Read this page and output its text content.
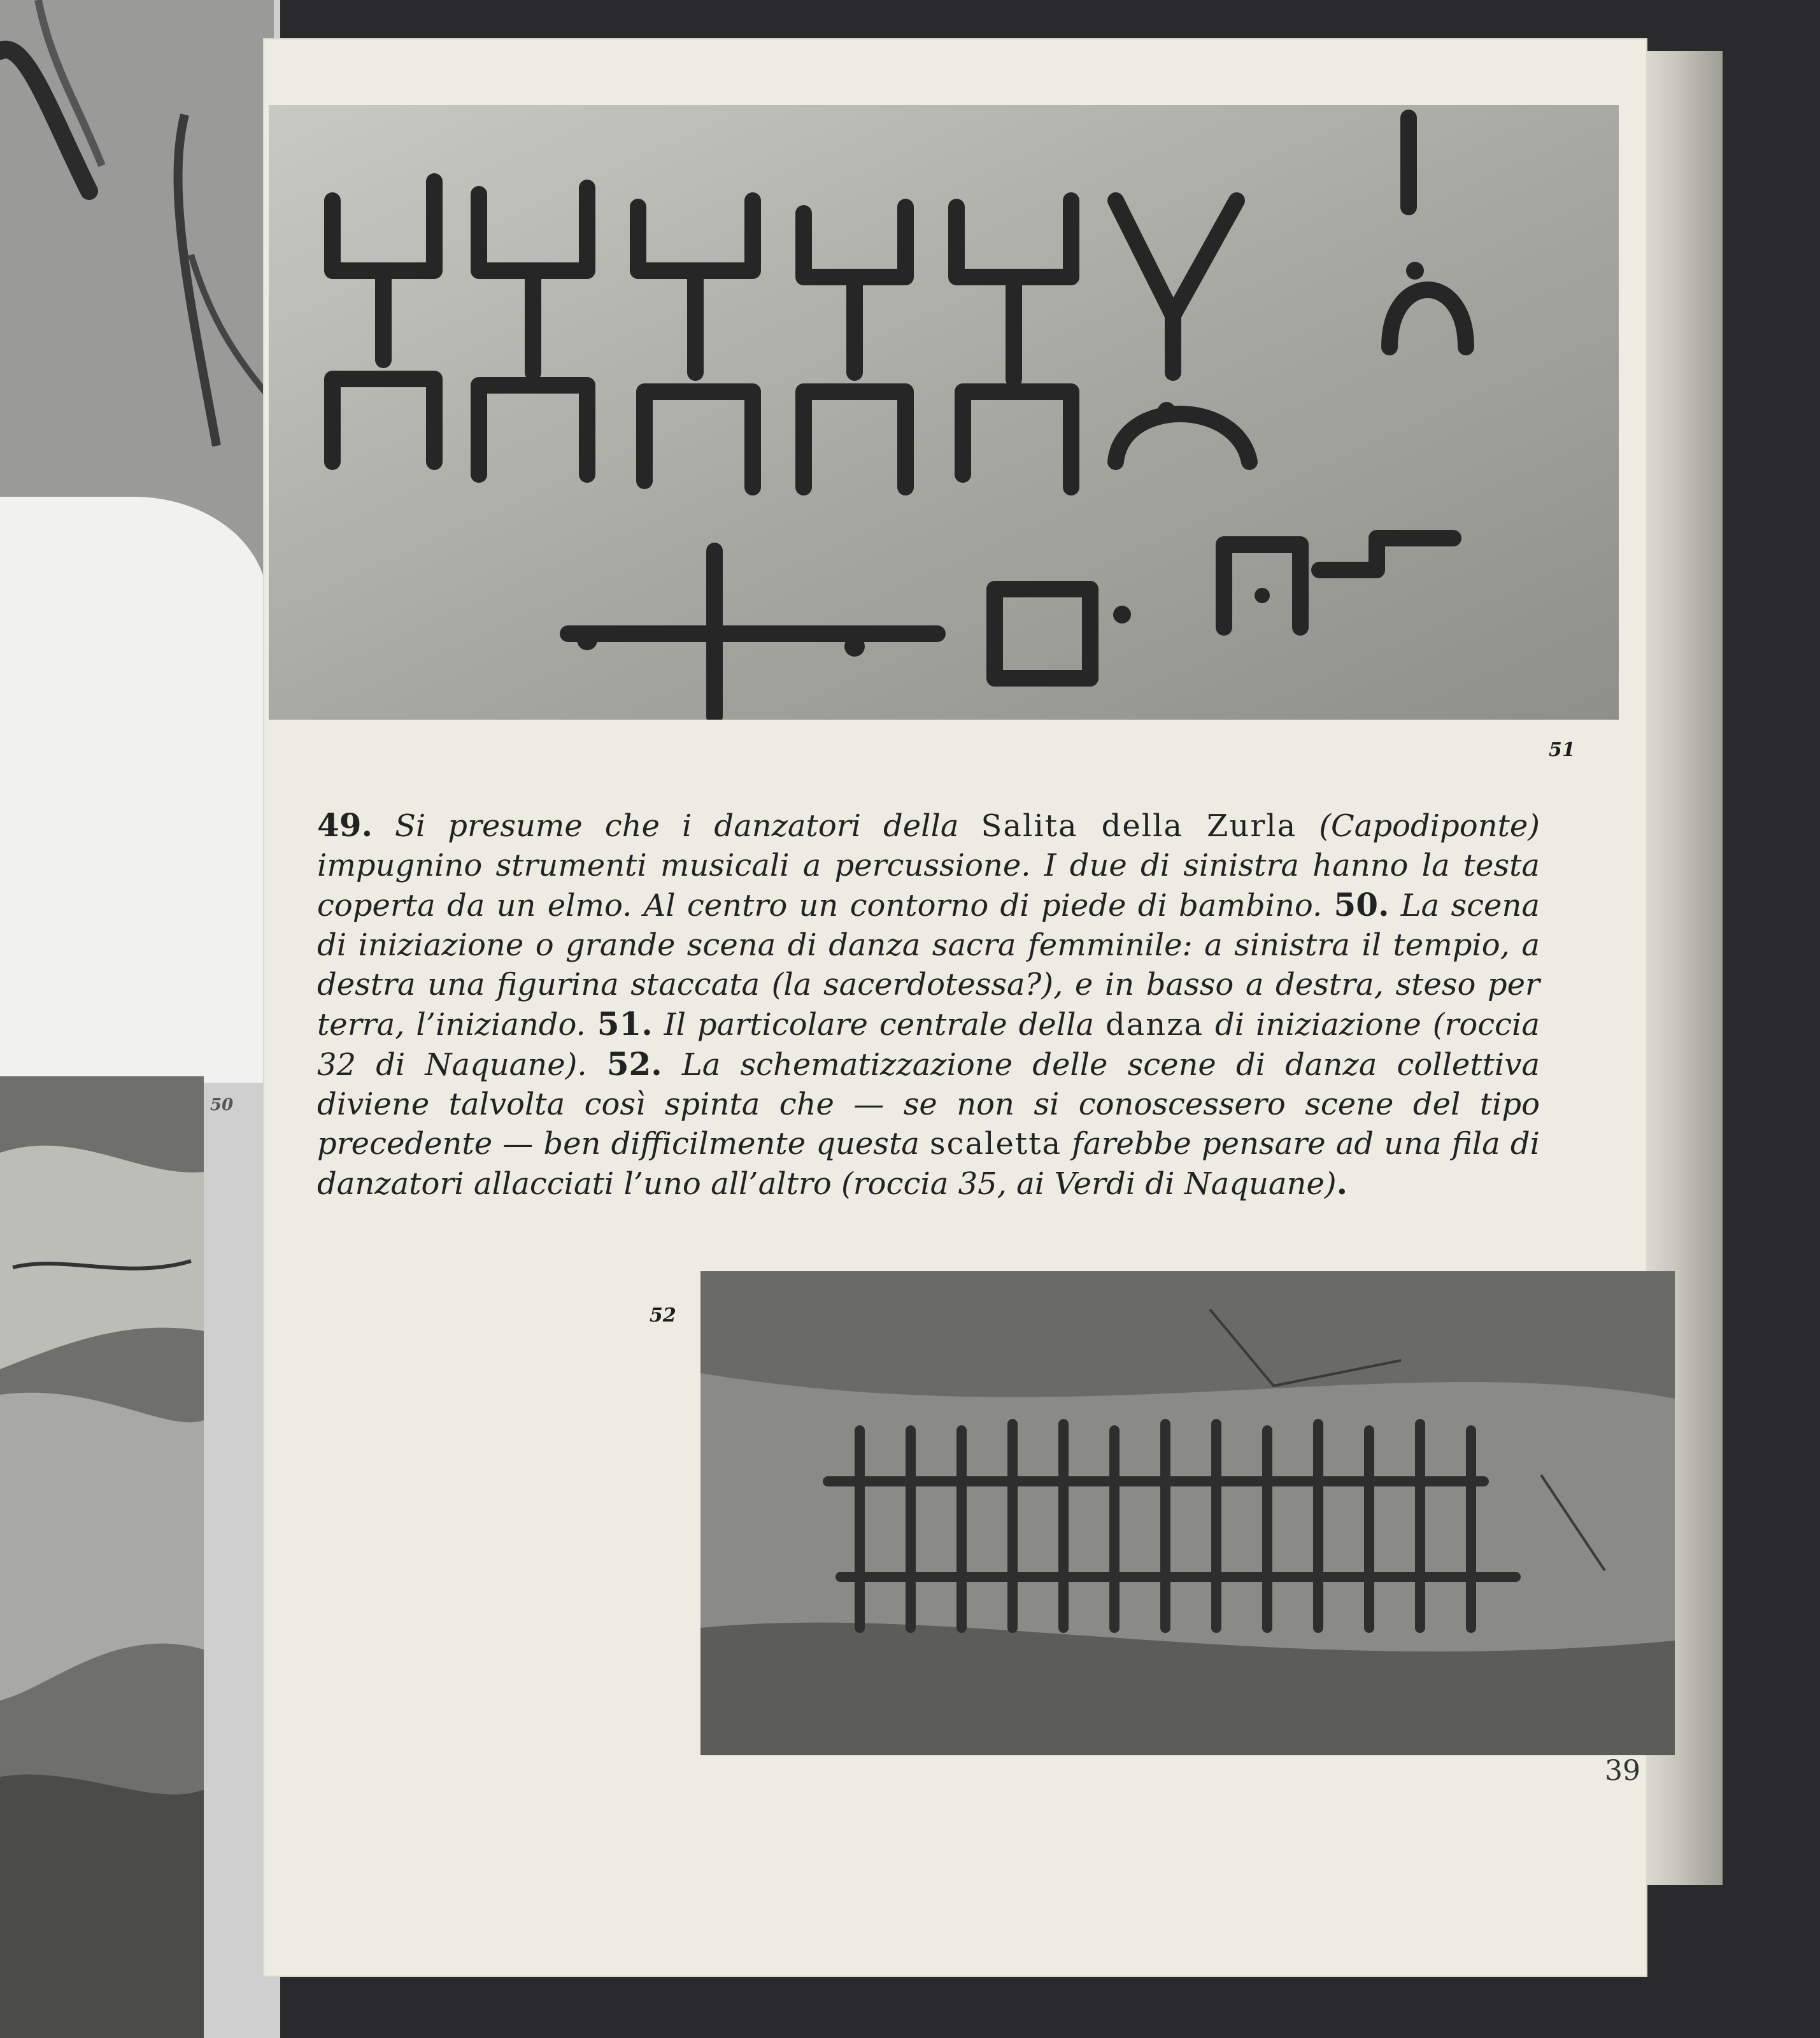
50
51

49. Si presume che i danzatori della Salita della Zurla (Capodiponte) impugnino strumenti musicali a percussione. I due di sinistra hanno la testa coperta da un elmo. Al centro un contorno di piede di bambino. 50. La scena di iniziazione o grande scena di danza sacra femminile: a sinistra il tempio, a destra una figurina staccata (la sacerdotessa?), e in basso a destra, steso per terra, l’iniziando. 51. Il particolare centrale della danza di iniziazione (roccia 32 di Naquane). 52. La schematizzazione delle scene di danza collettiva diviene talvolta così spinta che — se non si conoscessero scene del tipo precedente — ben difficilmente questa scaletta farebbe pensare ad una fila di danzatori allacciati l’uno all’altro (roccia 35, ai Verdi di Naquane).

52
39
